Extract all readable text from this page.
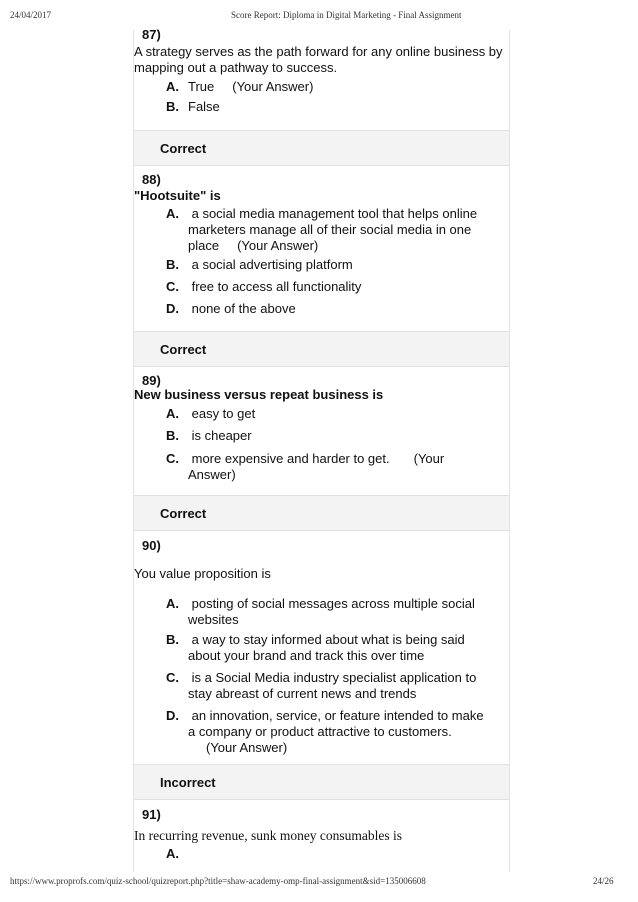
24/04/2017	Score Report: Diploma in Digital Marketing - Final Assignment
https://www.proprofs.com/quiz-school/quizreport.php?title=shaw-academy-omp-final-assignment&sid=135006608	24/26
87)
A strategy serves as the path forward for any online business by
mapping out a pathway to success.
A. True (Your Answer)
B. False
Correct
88)
"Hootsuite" is
A. a social media management tool that helps online
marketers manage all of their social media in one
place (Your Answer)
B. a social advertising platform
C. free to access all functionality
D. none of the above
Correct
89)
New business versus repeat business is
A. easy to get
B. is cheaper
C. more expensive and harder to get. (Your
Answer)
Correct
90)
You value proposition is
A. posting of social messages across multiple social
websites
B. a way to stay informed about what is being said
about your brand and track this over time
C. is a Social Media industry specialist application to
stay abreast of current news and trends
D. an innovation, service, or feature intended to make
a company or product attractive to customers.
(Your Answer)
Incorrect
91)
In recurring revenue, sunk money consumables is
A.
